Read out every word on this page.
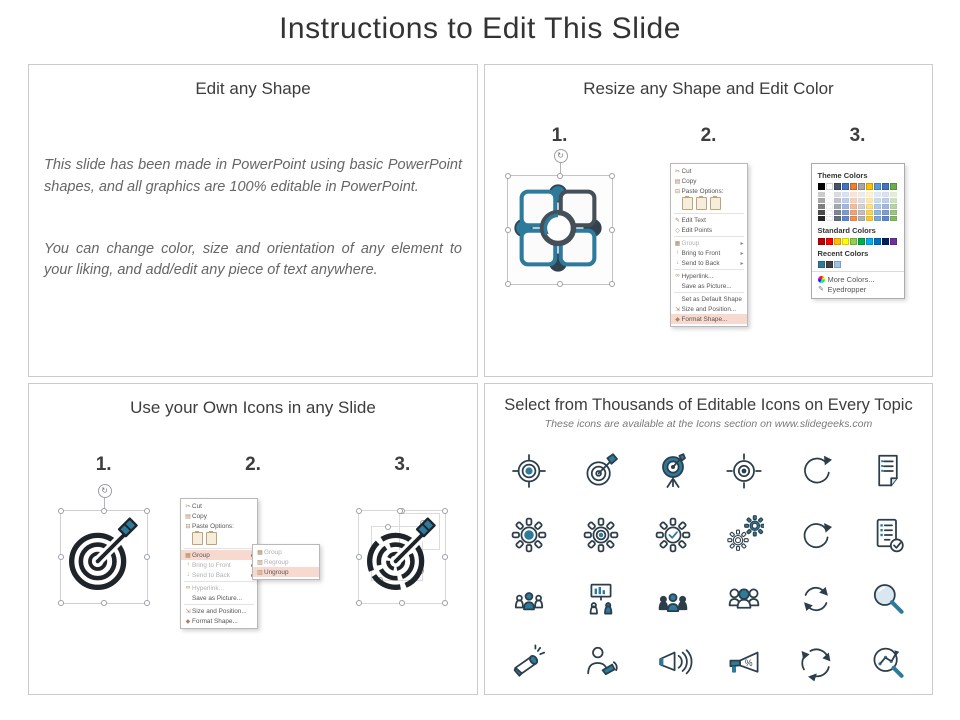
Instructions to Edit This Slide
Edit any Shape

This slide has been made in PowerPoint using basic PowerPoint shapes, and all graphics are 100% editable in PowerPoint.

You can change color, size and orientation of any element to your liking, and add/edit any piece of text anywhere.

Resize any Shape and Edit Color
1.
↻
2.
✂ Cut
▤ Copy
⊟ Paste Options:
✎ Edit Text
◇ Edit Points
▦ Group	▸
↑ Bring to Front	▸
↓ Send to Back	▸
∞ Hyperlink...
Save as Picture...
Set as Default Shape
⇲ Size and Position...
◆ Format Shape...
3.
Theme Colors
Standard Colors
Recent Colors
More Colors...
✎ Eyedropper
Use your Own Icons in any Slide
1.
↻
2.
✂ Cut
▤ Copy
⊟ Paste Options:
▦ Group
↑ Bring to Front
↓ Send to Back
∞ Hyperlink...
Save as Picture...
⇲ Size and Position...
◆ Format Shape...
▦ Group
▧ Regroup
▥ Ungroup
3.
Select from Thousands of Editable Icons on Every Topic
These icons are available at the Icons section on www.slidegeeks.com
%
